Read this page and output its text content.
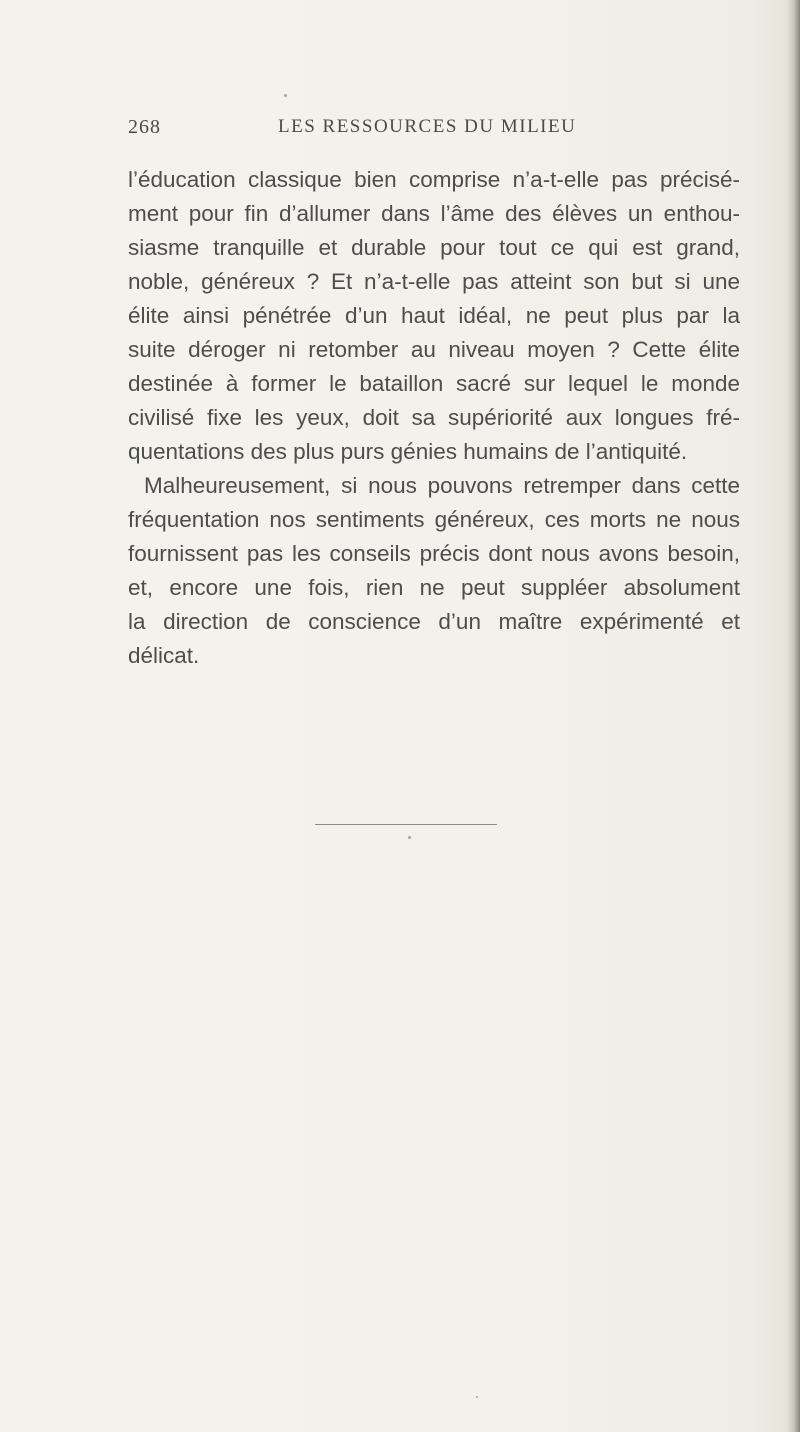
268	LES RESSOURCES DU MILIEU
l’éducation classique bien comprise n’a-t-elle pas précisé-
ment pour fin d’allumer dans l’âme des élèves un enthou-
siasme tranquille et durable pour tout ce qui est grand,
noble, généreux ? Et n’a-t-elle pas atteint son but si une
élite ainsi pénétrée d’un haut idéal, ne peut plus par la
suite déroger ni retomber au niveau moyen ? Cette élite
destinée à former le bataillon sacré sur lequel le monde
civilisé fixe les yeux, doit sa supériorité aux longues fré-
quentations des plus purs génies humains de l’antiquité.
Malheureusement, si nous pouvons retremper dans cette
fréquentation nos sentiments généreux, ces morts ne nous
fournissent pas les conseils précis dont nous avons besoin,
et, encore une fois, rien ne peut suppléer absolument
la direction de conscience d’un maître expérimenté et
délicat.
